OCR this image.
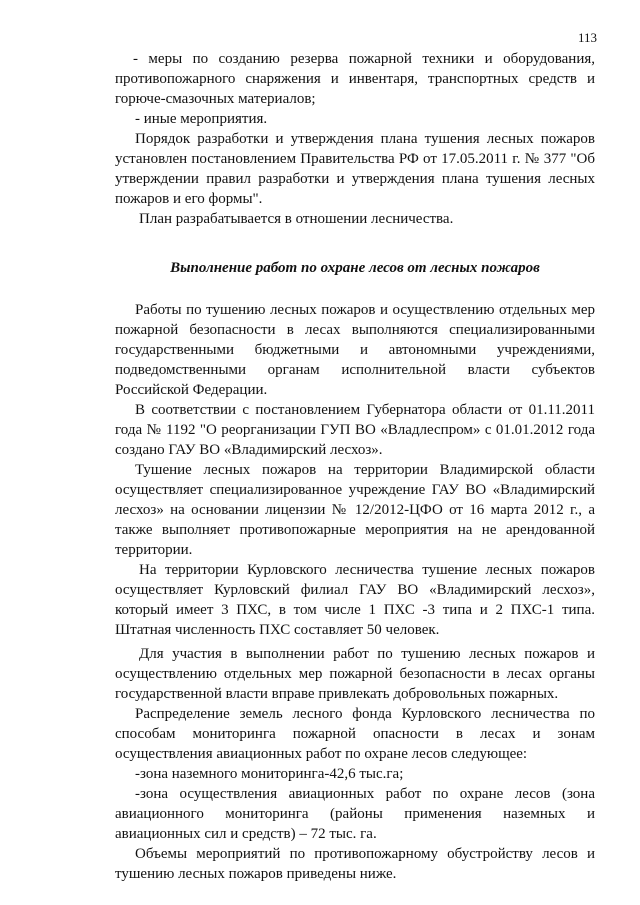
113

- меры по созданию резерва пожарной техники и оборудования, противопожарного снаряжения и инвентаря, транспортных средств и горюче-смазочных материалов;

- иные мероприятия.

Порядок разработки и утверждения плана тушения лесных пожаров установлен постановлением Правительства РФ от 17.05.2011 г. № 377 "Об утверждении правил разработки и утверждения плана тушения лесных пожаров и его формы".

План разрабатывается в отношении лесничества.

Выполнение работ по охране лесов от лесных пожаров

Работы по тушению лесных пожаров и осуществлению отдельных мер пожарной безопасности в лесах выполняются специализированными государственными бюджетными и автономными учреждениями, подведомственными органам исполнительной власти субъектов Российской Федерации.

В соответствии с постановлением Губернатора области от 01.11.2011 года № 1192 "О реорганизации ГУП ВО «Владлеспром» с 01.01.2012 года создано ГАУ ВО «Владимирский лесхоз».

Тушение лесных пожаров на территории Владимирской области осуществляет специализированное учреждение ГАУ ВО «Владимирский лесхоз» на основании лицензии № 12/2012-ЦФО от 16 марта 2012 г., а также выполняет противопожарные мероприятия на не арендованной территории.

На территории Курловского лесничества тушение лесных пожаров осуществляет Курловский филиал ГАУ ВО «Владимирский лесхоз», который имеет 3 ПХС, в том числе 1 ПХС -3 типа и 2 ПХС-1 типа. Штатная численность ПХС составляет 50 человек.

Для участия в выполнении работ по тушению лесных пожаров и осуществлению отдельных мер пожарной безопасности в лесах органы государственной власти вправе привлекать добровольных пожарных.

Распределение земель лесного фонда Курловского лесничества по способам мониторинга пожарной опасности в лесах и зонам осуществления авиационных работ по охране лесов следующее:

-зона наземного мониторинга-42,6 тыс.га;

-зона осуществления авиационных работ по охране лесов (зона авиационного мониторинга (районы применения наземных и авиационных сил и средств) – 72 тыс. га.

Объемы мероприятий по противопожарному обустройству лесов и тушению лесных пожаров приведены ниже.
